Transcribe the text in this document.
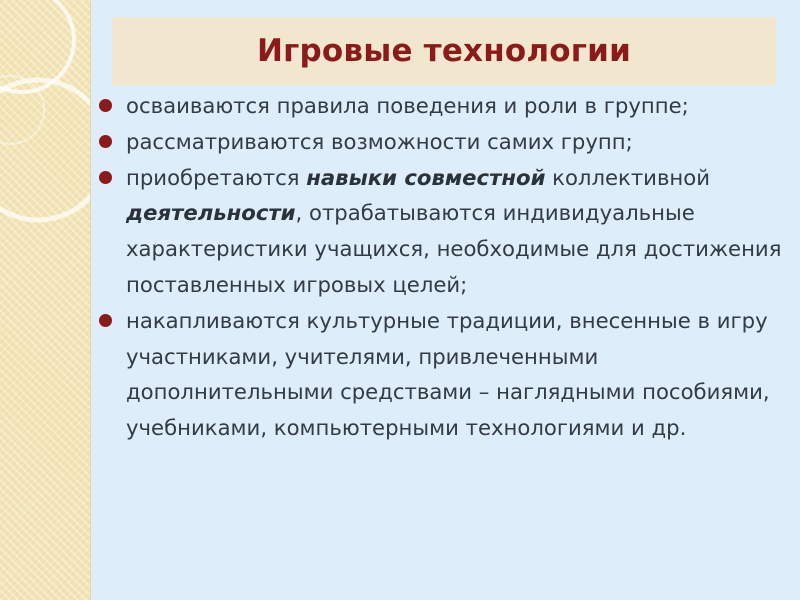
Игровые технологии
осваиваются правила поведения и роли в группе;
рассматриваются возможности самих групп;
приобретаются навыки совместной коллективной деятельности, отрабатываются индивидуальные характеристики учащихся, необходимые для достижения поставленных игровых целей;
накапливаются культурные традиции, внесенные в игру участниками, учителями, привлеченными дополнительными средствами – наглядными пособиями, учебниками, компьютерными технологиями и др.
